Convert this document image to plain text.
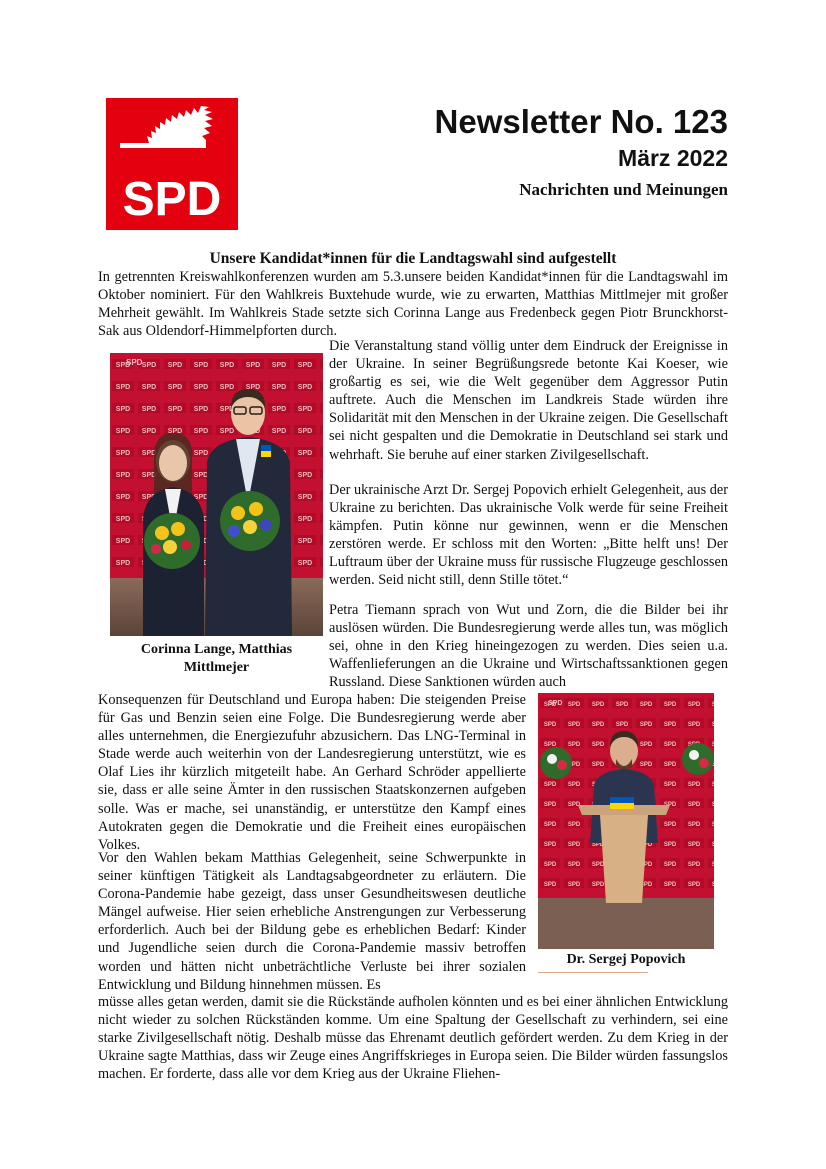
SPD
Newsletter No. 123
März 2022
Nachrichten und Meinungen
Unsere Kandidat*innen für die Landtagswahl sind aufgestellt

In getrennten Kreiswahlkonferenzen wurden am 5.3.unsere beiden Kandidat*innen für die Landtagswahl im Oktober nominiert. Für den Wahlkreis Buxtehude wurde, wie zu erwarten, Matthias Mittlmejer mit großer Mehrheit gewählt. Im Wahlkreis Stade setzte sich Corinna Lange aus Fredenbeck gegen Piotr Brunckhorst-Sak aus Oldendorf-Himmelpforten durch.

SPD
Corinna Lange, Matthias Mittlmejer

Die Veranstaltung stand völlig unter dem Eindruck der Ereignisse in der Ukraine. In seiner Begrüßungsrede betonte Kai Koeser, wie großartig es sei, wie die Welt gegenüber dem Aggressor Putin auftrete. Auch die Menschen im Landkreis Stade würden ihre Solidarität mit den Menschen in der Ukraine zeigen. Die Gesellschaft sei nicht gespalten und die Demokratie in Deutschland sei stark und wehrhaft. Sie beruhe auf einer starken Zivilgesellschaft.

Der ukrainische Arzt Dr. Sergej Popovich erhielt Gelegenheit, aus der Ukraine zu berichten. Das ukrainische Volk werde für seine Freiheit kämpfen. Putin könne nur gewinnen, wenn er die Menschen zerstören werde. Er schloss mit den Worten: „Bitte helft uns! Der Luftraum über der Ukraine muss für russische Flugzeuge geschlossen werden. Seid nicht still, denn Stille tötet.“

Petra Tiemann sprach von Wut und Zorn, die die Bilder bei ihr auslösen würden. Die Bundesregierung werde alles tun, was möglich sei, ohne in den Krieg hineingezogen zu werden. Dies seien u.a. Waffenlieferungen an die Ukraine und Wirtschaftssanktionen gegen Russland. Diese Sanktionen würden auch

Konsequenzen für Deutschland und Europa haben: Die steigenden Preise für Gas und Benzin seien eine Folge. Die Bundesregierung werde aber alles unternehmen, die Energiezufuhr abzusichern. Das LNG-Terminal in Stade werde auch weiterhin von der Landesregierung unterstützt, wie es Olaf Lies ihr kürzlich mitgeteilt habe. An Gerhard Schröder appellierte sie, dass er alle seine Ämter in den russischen Staatskonzernen aufgeben solle. Was er mache, sei unanständig, er unterstütze den Kampf eines Autokraten gegen die Demokratie und die Freiheit eines europäischen Volkes.

Vor den Wahlen bekam Matthias Gelegenheit, seine Schwerpunkte in seiner künftigen Tätigkeit als Landtagsabgeordneter zu erläutern. Die Corona-Pandemie habe gezeigt, dass unser Gesundheitswesen deutliche Mängel aufweise. Hier seien erhebliche Anstrengungen zur Verbesserung erforderlich. Auch bei der Bildung gebe es erheblichen Bedarf: Kinder und Jugendliche seien durch die Corona-Pandemie massiv betroffen worden und hätten nicht unbeträchtliche Verluste bei ihrer sozialen Entwicklung und Bildung hinnehmen müssen. Es

SPD
Dr. Sergej Popovich

müsse alles getan werden, damit sie die Rückstände aufholen könnten und es bei einer ähnlichen Entwicklung nicht wieder zu solchen Rückständen komme. Um eine Spaltung der Gesellschaft zu verhindern, sei eine starke Zivilgesellschaft nötig. Deshalb müsse das Ehrenamt deutlich gefördert werden. Zu dem Krieg in der Ukraine sagte Matthias, dass wir Zeuge eines Angriffskrieges in Europa seien. Die Bilder würden fassungslos machen. Er forderte, dass alle vor dem Krieg aus der Ukraine Fliehen-
